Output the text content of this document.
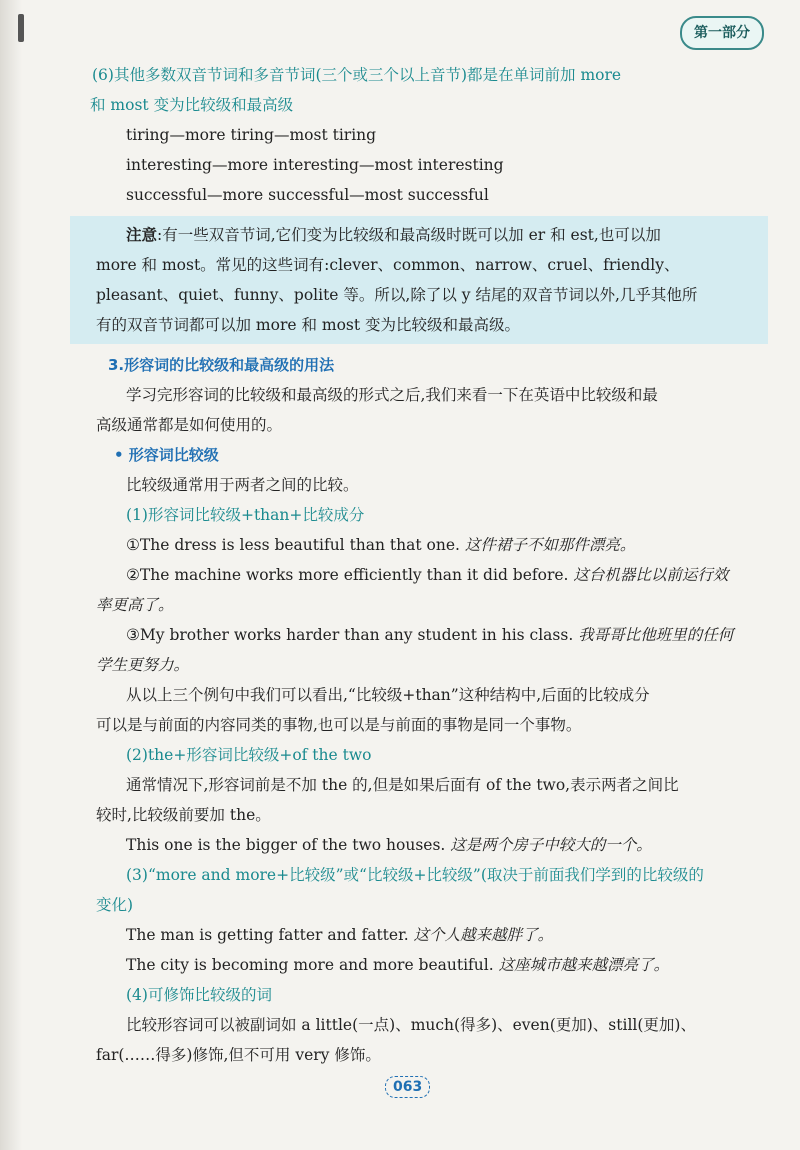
第一部分

(6)其他多数双音节词和多音节词(三个或三个以上音节)都是在单词前加 more

和 most 变为比较级和最高级

tiring—more tiring—most tiring

interesting—more interesting—most interesting

successful—more successful—most successful

注意:有一些双音节词,它们变为比较级和最高级时既可以加 er 和 est,也可以加

more 和 most。常见的这些词有:clever、common、narrow、cruel、friendly、

pleasant、quiet、funny、polite 等。所以,除了以 y 结尾的双音节词以外,几乎其他所

有的双音节词都可以加 more 和 most 变为比较级和最高级。

3.形容词的比较级和最高级的用法

学习完形容词的比较级和最高级的形式之后,我们来看一下在英语中比较级和最

高级通常都是如何使用的。

• 形容词比较级

比较级通常用于两者之间的比较。

(1)形容词比较级+than+比较成分

①The dress is less beautiful than that one. 这件裙子不如那件漂亮。

②The machine works more efficiently than it did before. 这台机器比以前运行效

率更高了。

③My brother works harder than any student in his class. 我哥哥比他班里的任何

学生更努力。

从以上三个例句中我们可以看出,“比较级+than”这种结构中,后面的比较成分

可以是与前面的内容同类的事物,也可以是与前面的事物是同一个事物。

(2)the+形容词比较级+of the two

通常情况下,形容词前是不加 the 的,但是如果后面有 of the two,表示两者之间比

较时,比较级前要加 the。

This one is the bigger of the two houses. 这是两个房子中较大的一个。

(3)“more and more+比较级”或“比较级+比较级”(取决于前面我们学到的比较级的

变化)

The man is getting fatter and fatter. 这个人越来越胖了。

The city is becoming more and more beautiful. 这座城市越来越漂亮了。

(4)可修饰比较级的词

比较形容词可以被副词如 a little(一点)、much(得多)、even(更加)、still(更加)、

far(……得多)修饰,但不可用 very 修饰。

063
